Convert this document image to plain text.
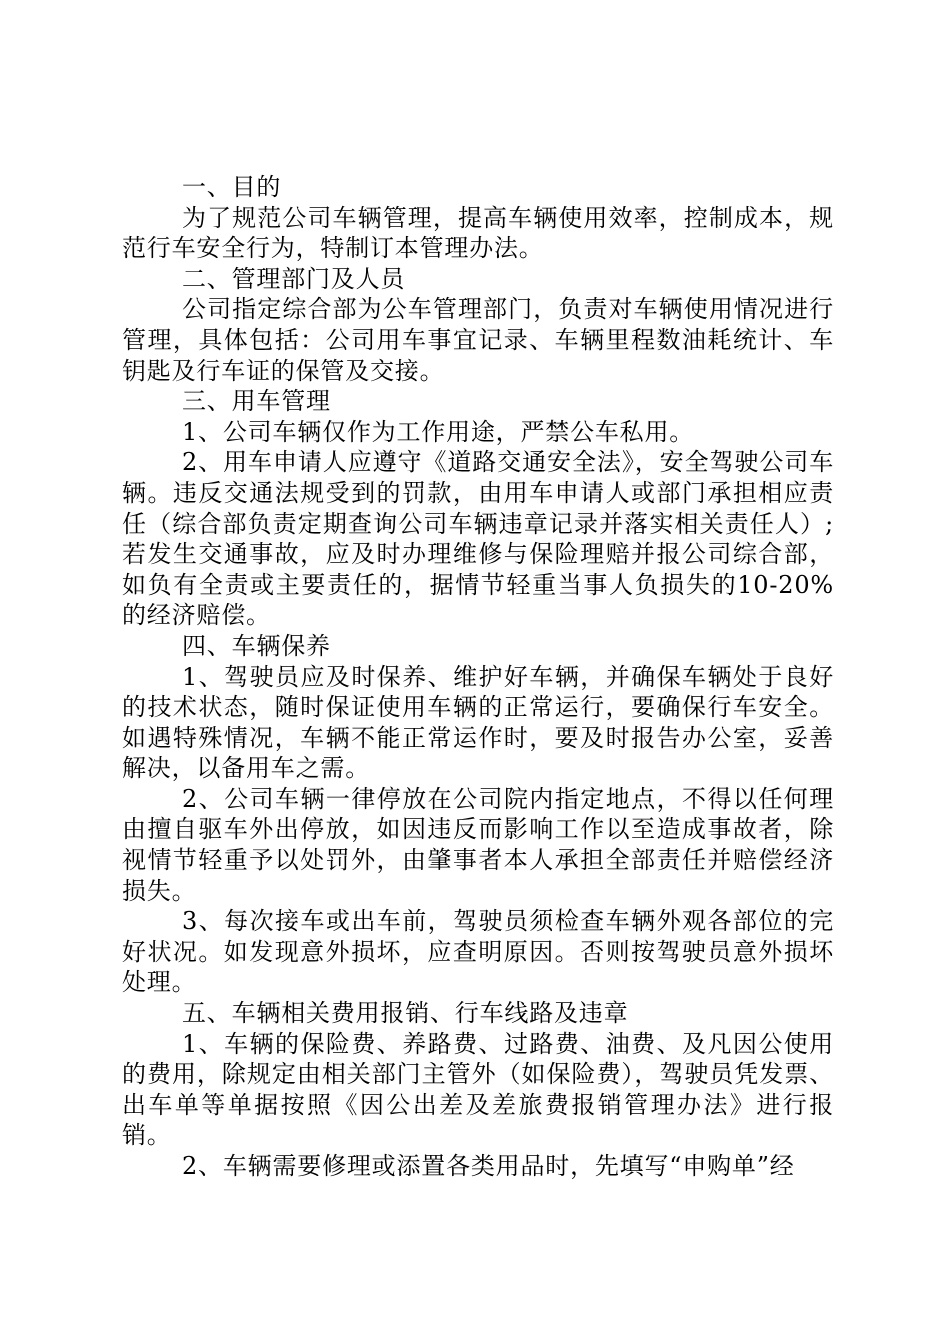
一、目的

为了规范公司车辆管理，提高车辆使用效率，控制成本，规范行车安全行为，特制订本管理办法。

二、管理部门及人员

公司指定综合部为公车管理部门，负责对车辆使用情况进行管理，具体包括：公司用车事宜记录、车辆里程数油耗统计、车钥匙及行车证的保管及交接。

三、用车管理

1、公司车辆仅作为工作用途，严禁公车私用。

2、用车申请人应遵守《道路交通安全法》，安全驾驶公司车辆。违反交通法规受到的罚款，由用车申请人或部门承担相应责任（综合部负责定期查询公司车辆违章记录并落实相关责任人）;若发生交通事故，应及时办理维修与保险理赔并报公司综合部，如负有全责或主要责任的，据情节轻重当事人负损失的10-20%的经济赔偿。

四、车辆保养

1、驾驶员应及时保养、维护好车辆，并确保车辆处于良好的技术状态，随时保证使用车辆的正常运行，要确保行车安全。如遇特殊情况，车辆不能正常运作时，要及时报告办公室，妥善解决，以备用车之需。

2、公司车辆一律停放在公司院内指定地点，不得以任何理由擅自驱车外出停放，如因违反而影响工作以至造成事故者，除视情节轻重予以处罚外，由肇事者本人承担全部责任并赔偿经济损失。

3、每次接车或出车前，驾驶员须检查车辆外观各部位的完好状况。如发现意外损坏，应查明原因。否则按驾驶员意外损坏处理。

五、车辆相关费用报销、行车线路及违章

1、车辆的保险费、养路费、过路费、油费、及凡因公使用的费用，除规定由相关部门主管外（如保险费），驾驶员凭发票、出车单等单据按照《因公出差及差旅费报销管理办法》进行报销。

2、车辆需要修理或添置各类用品时，先填写“申购单”经
